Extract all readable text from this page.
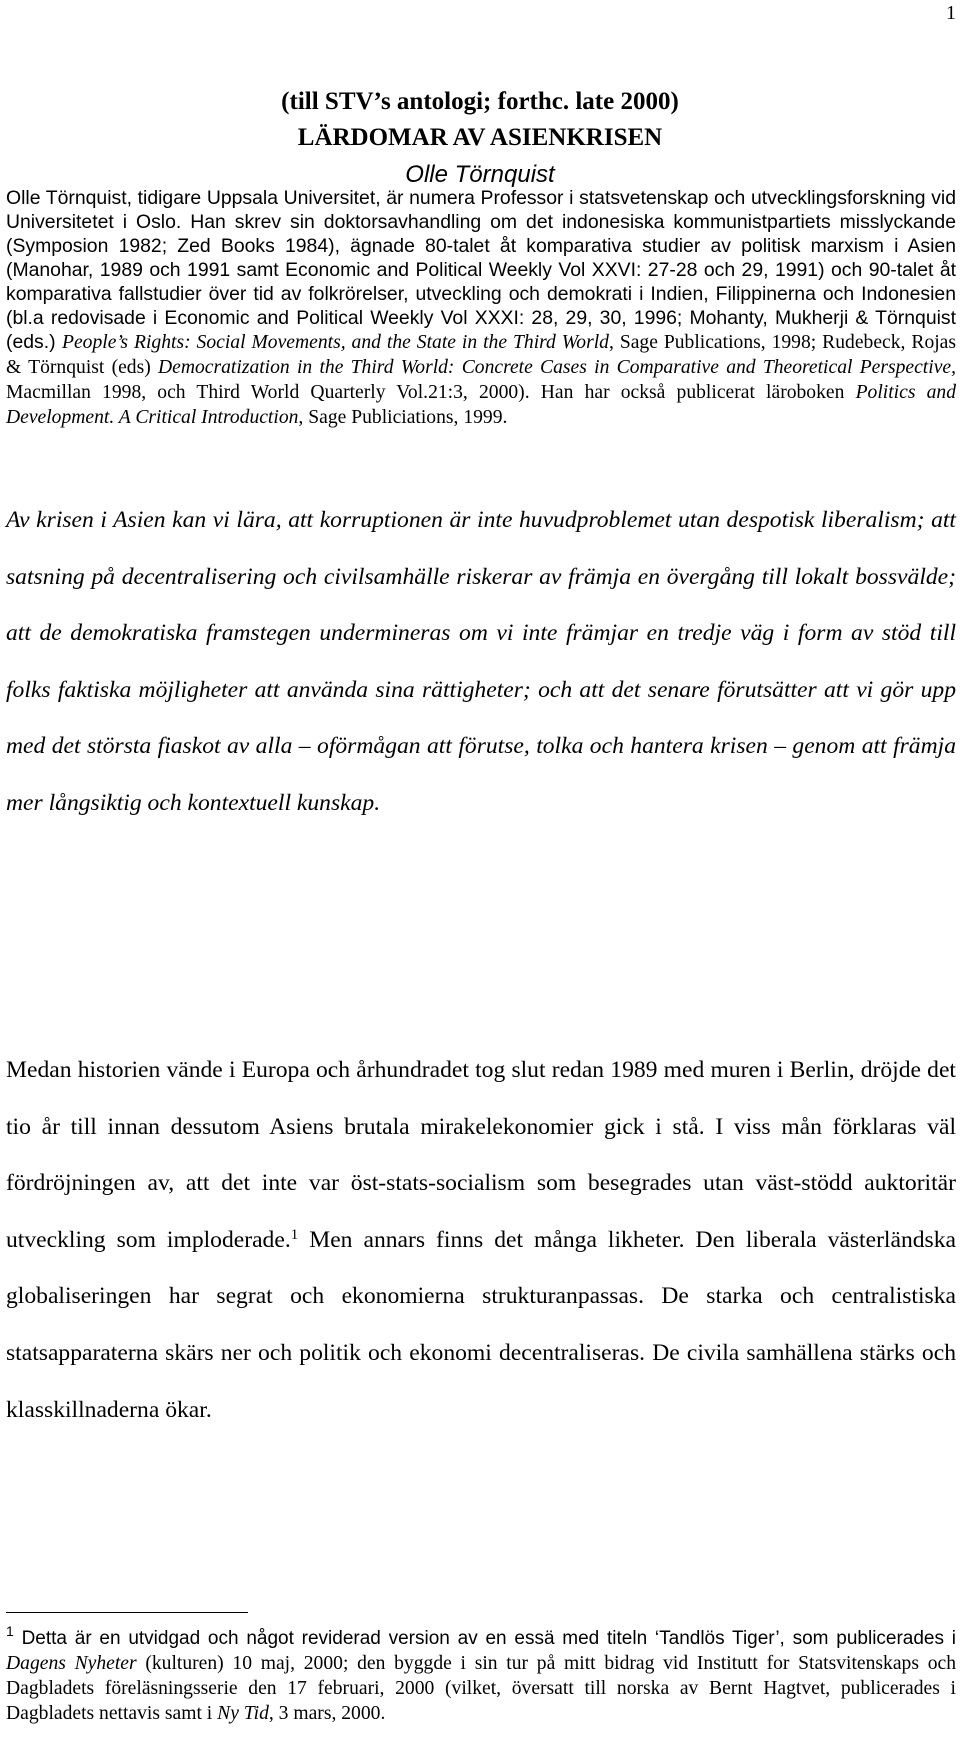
1
(till STV’s antologi; forthc. late 2000)
LÄRDOMAR AV ASIENKRISEN
Olle Törnquist
Olle Törnquist, tidigare Uppsala Universitet, är numera Professor i statsvetenskap och utvecklingsforskning vid Universitetet i Oslo. Han skrev sin doktorsavhandling om det indonesiska kommunistpartiets misslyckande (Symposion 1982; Zed Books 1984), ägnade 80-talet åt komparativa studier av politisk marxism i Asien (Manohar, 1989 och 1991 samt Economic and Political Weekly Vol XXVI: 27-28 och 29, 1991) och 90-talet åt komparativa fallstudier över tid av folkrörelser, utveckling och demokrati i Indien, Filippinerna och Indonesien (bl.a redovisade i Economic and Political Weekly Vol XXXI: 28, 29, 30, 1996; Mohanty, Mukherji & Törnquist (eds.) People’s Rights: Social Movements, and the State in the Third World, Sage Publications, 1998; Rudebeck, Rojas & Törnquist (eds) Democratization in the Third World: Concrete Cases in Comparative and Theoretical Perspective, Macmillan 1998, och Third World Quarterly Vol.21:3, 2000). Han har också publicerat läroboken Politics and Development. A Critical Introduction, Sage Publiciations, 1999.
Av krisen i Asien kan vi lära, att korruptionen är inte huvudproblemet utan despotisk liberalism; att satsning på decentralisering och civilsamhälle riskerar av främja en övergång till lokalt bossvälde; att de demokratiska framstegen undermineras om vi inte främjar en tredje väg i form av stöd till folks faktiska möjligheter att använda sina rättigheter; och att det senare förutsätter att vi gör upp med det största fiaskot av alla – oförmågan att förutse, tolka och hantera krisen – genom att främja mer långsiktig och kontextuell kunskap.
Medan historien vände i Europa och århundradet tog slut redan 1989 med muren i Berlin, dröjde det tio år till innan dessutom Asiens brutala mirakelekonomier gick i stå. I viss mån förklaras väl fördröjningen av, att det inte var öst-stats-socialism som besegrades utan väst-stödd auktoritär utveckling som imploderade.$^1$ Men annars finns det många likheter. Den liberala västerländska globaliseringen har segrat och ekonomierna strukturanpassas. De starka och centralistiska statsapparaterna skärs ner och politik och ekonomi decentraliseras. De civila samhällena stärks och klasskillnaderna ökar.
$^1$ Detta är en utvidgad och något reviderad version av en essä med titeln ‘Tandlös Tiger’, som publicerades i Dagens Nyheter (kulturen) 10 maj, 2000; den byggde i sin tur på mitt bidrag vid Institutt for Statsvitenskaps och Dagbladets föreläsningsserie den 17 februari, 2000 (vilket, översatt till norska av Bernt Hagtvet, publicerades i Dagbladets nettavis samt i Ny Tid, 3 mars, 2000.
